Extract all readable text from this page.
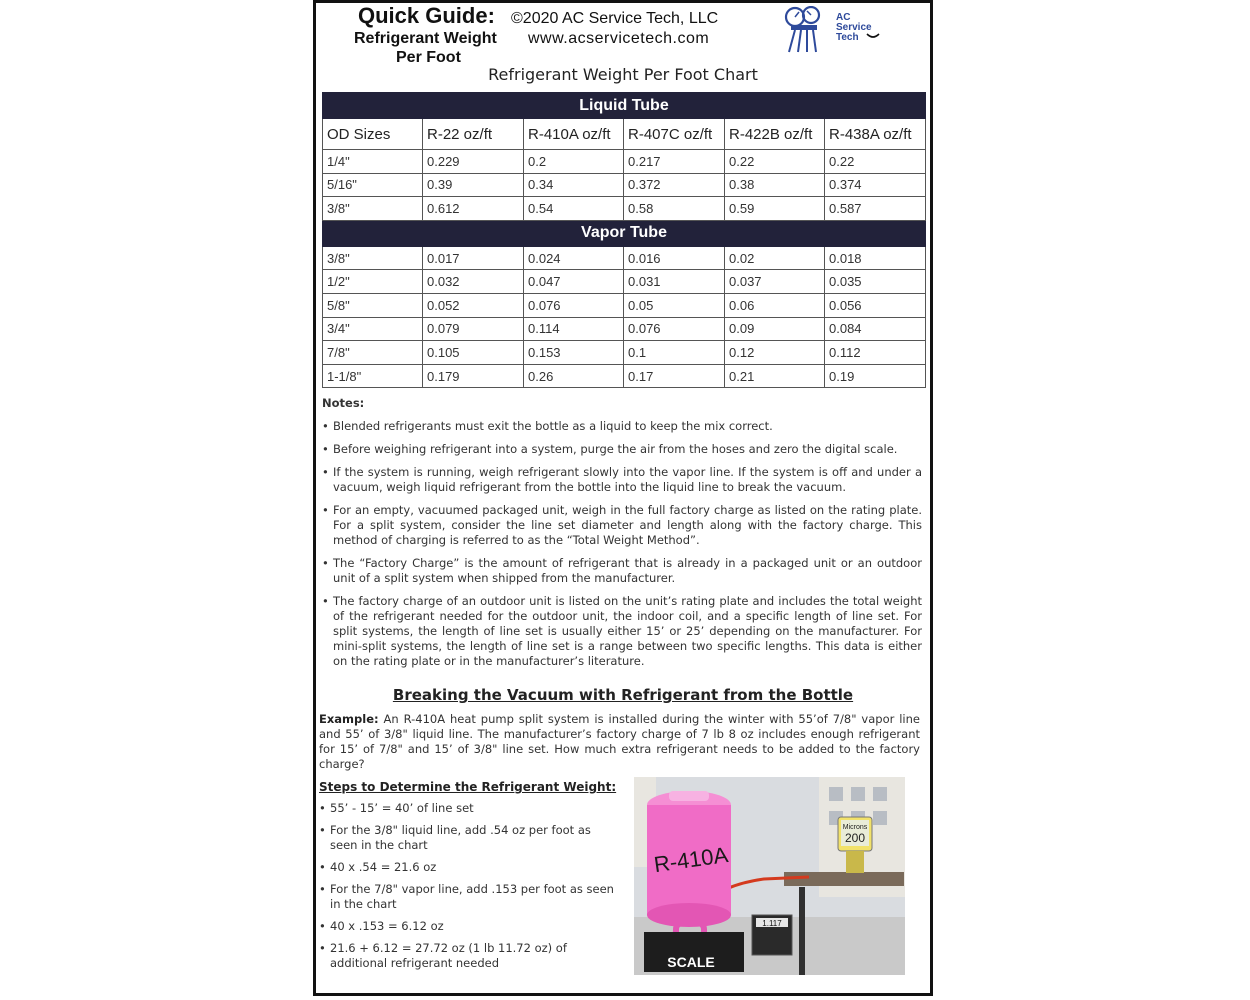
Quick Guide:
Refrigerant Weight
Per Foot
©2020 AC Service Tech, LLC
www.acservicetech.com
AC
Service
Tech
Refrigerant Weight Per Foot Chart
Liquid Tube					
OD Sizes	R-22 oz/ft	R-410A oz/ft	R-407C oz/ft	R-422B oz/ft	R-438A oz/ft
1/4"	0.229	0.2	0.217	0.22	0.22
5/16"	0.39	0.34	0.372	0.38	0.374
3/8"	0.612	0.54	0.58	0.59	0.587
Vapor Tube					
3/8"	0.017	0.024	0.016	0.02	0.018
1/2"	0.032	0.047	0.031	0.037	0.035
5/8"	0.052	0.076	0.05	0.06	0.056
3/4"	0.079	0.114	0.076	0.09	0.084
7/8"	0.105	0.153	0.1	0.12	0.112
1-1/8"	0.179	0.26	0.17	0.21	0.19
Notes:
• Blended refrigerants must exit the bottle as a liquid to keep the mix correct.
• Before weighing refrigerant into a system, purge the air from the hoses and zero the digital scale.
• If the system is running, weigh refrigerant slowly into the vapor line. If the system is off and under a vacuum, weigh liquid refrigerant from the bottle into the liquid line to break the vacuum.
• For an empty, vacuumed packaged unit, weigh in the full factory charge as listed on the rating plate. For a split system, consider the line set diameter and length along with the factory charge. This method of charging is referred to as the “Total Weight Method”.
• The “Factory Charge” is the amount of refrigerant that is already in a packaged unit or an outdoor unit of a split system when shipped from the manufacturer.
• The factory charge of an outdoor unit is listed on the unit’s rating plate and includes the total weight of the refrigerant needed for the outdoor unit, the indoor coil, and a specific length of line set. For split systems, the length of line set is usually either 15’ or 25’ depending on the manufacturer. For mini-split systems, the length of line set is a range between two specific lengths. This data is either on the rating plate or in the manufacturer’s literature.
Breaking the Vacuum with Refrigerant from the Bottle
Example: An R-410A heat pump split system is installed during the winter with 55’of 7/8" vapor line and 55’ of 3/8" liquid line. The manufacturer’s factory charge of 7 lb 8 oz includes enough refrigerant for 15’ of 7/8" and 15’ of 3/8" line set. How much extra refrigerant needs to be added to the factory charge?
Steps to Determine the Refrigerant Weight:
• 55’ - 15’ = 40’ of line set
• For the 3/8" liquid line, add .54 oz per foot as seen in the chart
• 40 x .54 = 21.6 oz
• For the 7/8" vapor line, add .153 per foot as seen in the chart
• 40 x .153 = 6.12 oz
• 21.6 + 6.12 = 27.72 oz (1 lb 11.72 oz) of additional refrigerant needed
Microns
200
R-410A
SCALE
1.117
